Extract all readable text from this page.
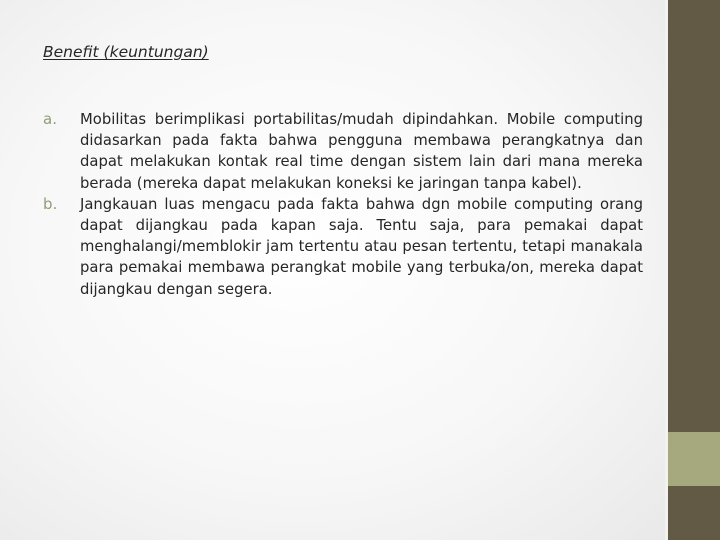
Benefit (keuntungan)
a. Mobilitas berimplikasi portabilitas/mudah dipindahkan. Mobile computing didasarkan pada fakta bahwa pengguna membawa perangkatnya dan dapat melakukan kontak real time dengan sistem lain dari mana mereka berada (mereka dapat melakukan koneksi ke jaringan tanpa kabel).
b. Jangkauan luas mengacu pada fakta bahwa dgn mobile computing orang dapat dijangkau pada kapan saja. Tentu saja, para pemakai dapat menghalangi/memblokir jam tertentu atau pesan tertentu, tetapi manakala para pemakai membawa perangkat mobile yang terbuka/on, mereka dapat dijangkau dengan segera.
